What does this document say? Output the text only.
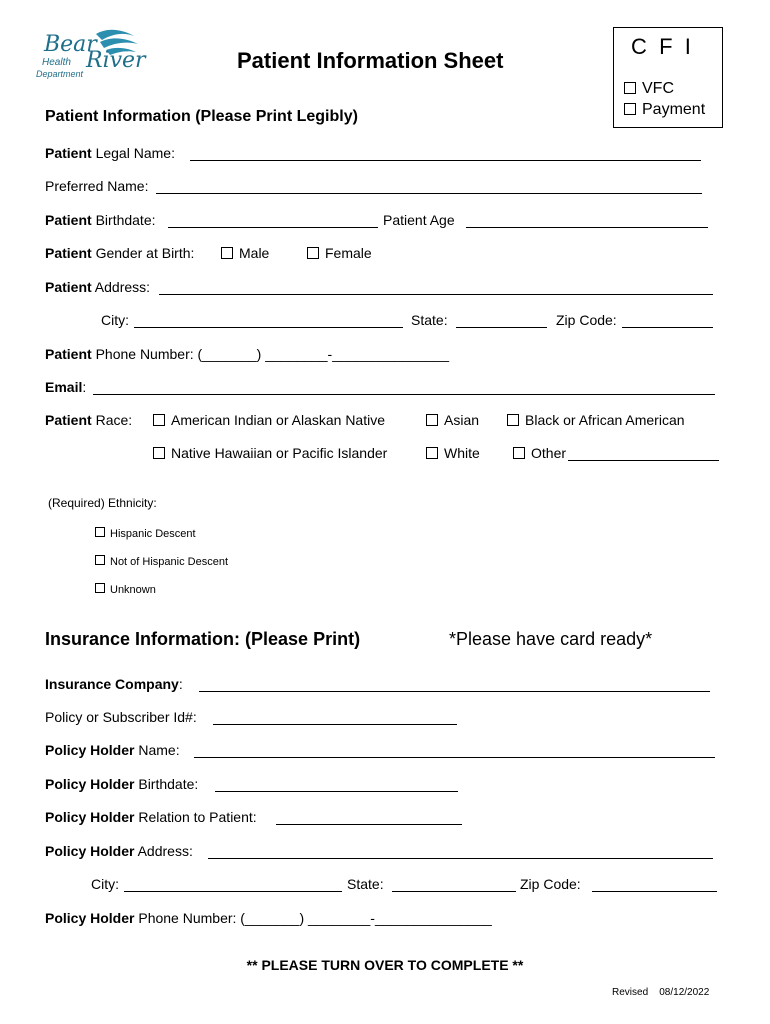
Bear
River
Health
Department
Patient Information Sheet
C  F  I
VFC
Payment
Patient Information (Please Print Legibly)
Patient Legal Name:
Preferred Name:
Patient Birthdate:	Patient Age
Patient Gender at Birth:	Male	Female
Patient Address:
City:	State:	Zip Code:
Patient Phone Number: (_______) ________-_______________
Email:
Patient Race:	American Indian or Alaskan Native	Asian	Black or African American
Native Hawaiian or Pacific Islander	White	Other
(Required) Ethnicity:
Hispanic Descent
Not of Hispanic Descent
Unknown
Insurance Information: (Please Print)	*Please have card ready*
Insurance Company:
Policy or Subscriber Id#:
Policy Holder Name:
Policy Holder Birthdate:
Policy Holder Relation to Patient:
Policy Holder Address:
City:	State:	Zip Code:
Policy Holder Phone Number: (_______) ________-_______________
** PLEASE TURN OVER TO COMPLETE **
Revised    08/12/2022
